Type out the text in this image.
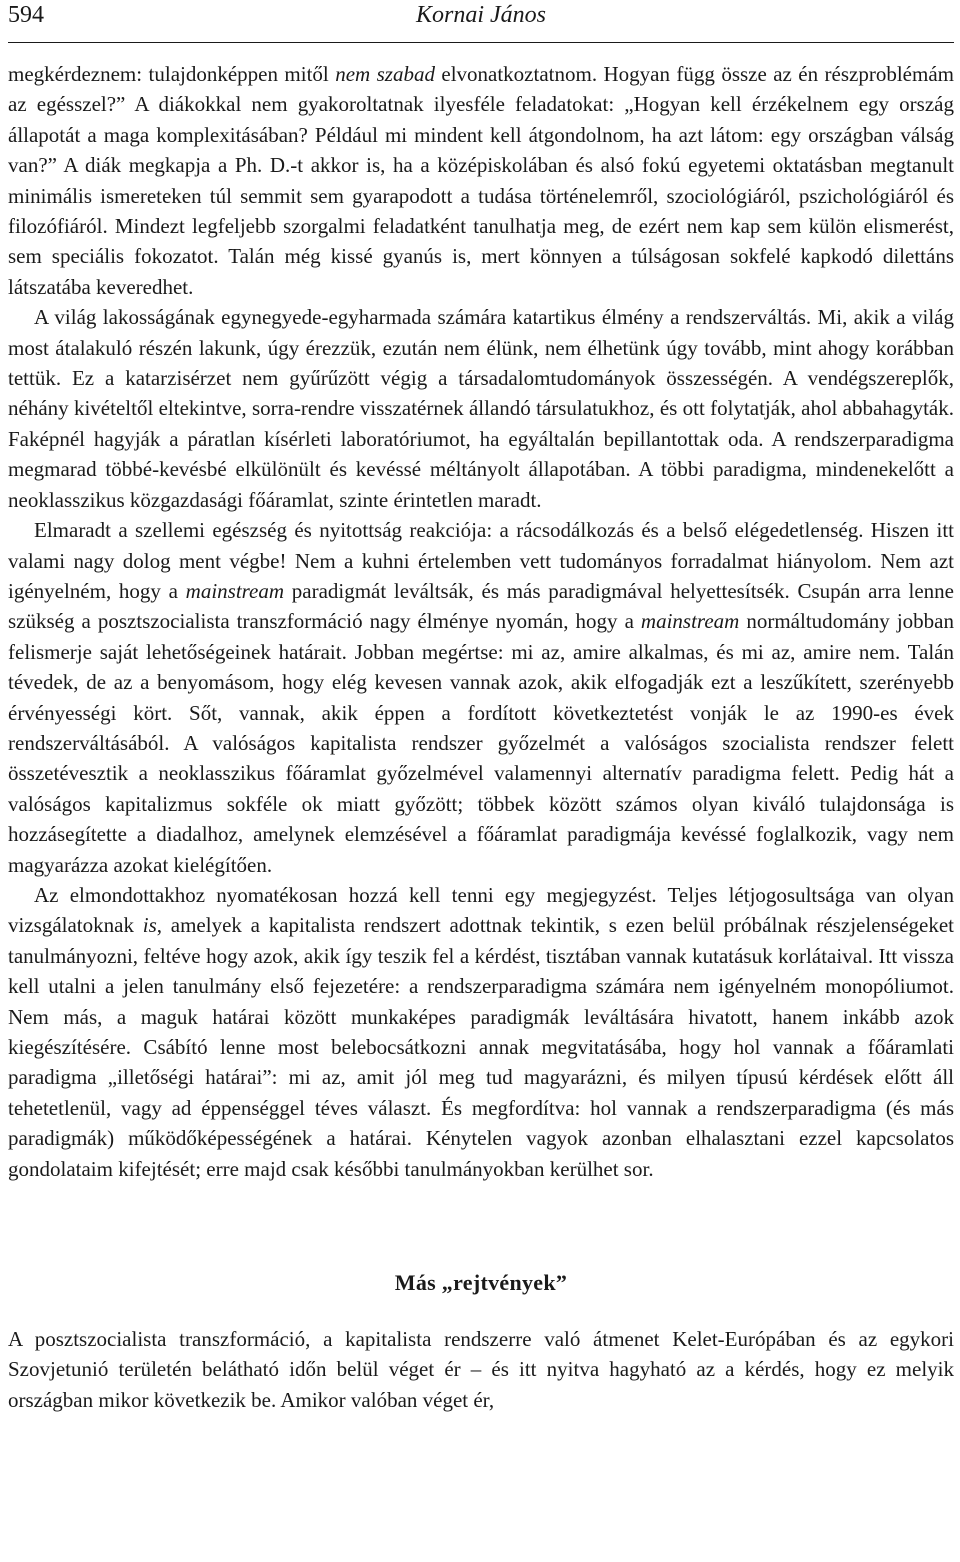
594	Kornai János

megkérdeznem: tulajdonképpen mitől nem szabad elvonatkoztatnom. Hogyan függ össze az én részproblémám az egésszel?” A diákokkal nem gyakoroltatnak ilyesféle feladatokat: „Hogyan kell érzékelnem egy ország állapotát a maga komplexitásában? Például mi mindent kell átgondolnom, ha azt látom: egy országban válság van?” A diák megkapja a Ph. D.-t akkor is, ha a középiskolában és alsó fokú egyetemi oktatásban megtanult minimális ismereteken túl semmit sem gyarapodott a tudása történelemről, szociológiáról, pszichológiáról és filozófiáról. Mindezt legfeljebb szorgalmi feladatként tanulhatja meg, de ezért nem kap sem külön elismerést, sem speciális fokozatot. Talán még kissé gyanús is, mert könnyen a túlságosan sokfelé kapkodó dilettáns látszatába keveredhet.

A világ lakosságának egynegyede-egyharmada számára katartikus élmény a rendszerváltás. Mi, akik a világ most átalakuló részén lakunk, úgy érezzük, ezután nem élünk, nem élhetünk úgy tovább, mint ahogy korábban tettük. Ez a katarzisérzet nem gyűrűzött végig a társadalomtudományok összességén. A vendégszereplők, néhány kivételtől eltekintve, sorra-rendre visszatérnek állandó társulatukhoz, és ott folytatják, ahol abbahagyták. Faképnél hagyják a páratlan kísérleti laboratóriumot, ha egyáltalán bepillantottak oda. A rendszerparadigma megmarad többé-kevésbé elkülönült és kevéssé méltányolt állapotában. A többi paradigma, mindenekelőtt a neoklasszikus közgazdasági főáramlat, szinte érintetlen maradt.

Elmaradt a szellemi egészség és nyitottság reakciója: a rácsodálkozás és a belső elégedetlenség. Hiszen itt valami nagy dolog ment végbe! Nem a kuhni értelemben vett tudományos forradalmat hiányolom. Nem azt igényelném, hogy a mainstream paradigmát leváltsák, és más paradigmával helyettesítsék. Csupán arra lenne szükség a posztszocialista transzformáció nagy élménye nyomán, hogy a mainstream normáltudomány jobban felismerje saját lehetőségeinek határait. Jobban megértse: mi az, amire alkalmas, és mi az, amire nem. Talán tévedek, de az a benyomásom, hogy elég kevesen vannak azok, akik elfogadják ezt a leszűkített, szerényebb érvényességi kört. Sőt, vannak, akik éppen a fordított következtetést vonják le az 1990-es évek rendszerváltásából. A valóságos kapitalista rendszer győzelmét a valóságos szocialista rendszer felett összetévesztik a neoklasszikus főáramlat győzelmével valamennyi alternatív paradigma felett. Pedig hát a valóságos kapitalizmus sokféle ok miatt győzött; többek között számos olyan kiváló tulajdonsága is hozzásegítette a diadalhoz, amelynek elemzésével a főáramlat paradigmája kevéssé foglalkozik, vagy nem magyarázza azokat kielégítően.

Az elmondottakhoz nyomatékosan hozzá kell tenni egy megjegyzést. Teljes létjogosultsága van olyan vizsgálatoknak is, amelyek a kapitalista rendszert adottnak tekintik, s ezen belül próbálnak részjelenségeket tanulmányozni, feltéve hogy azok, akik így teszik fel a kérdést, tisztában vannak kutatásuk korlátaival. Itt vissza kell utalni a jelen tanulmány első fejezetére: a rendszerparadigma számára nem igényelném monopóliumot. Nem más, a maguk határai között munkaképes paradigmák leváltására hivatott, hanem inkább azok kiegészítésére. Csábító lenne most belebocsátkozni annak megvitatásába, hogy hol vannak a főáramlati paradigma „illetőségi határai”: mi az, amit jól meg tud magyarázni, és milyen típusú kérdések előtt áll tehetetlenül, vagy ad éppenséggel téves választ. És megfordítva: hol vannak a rendszerparadigma (és más paradigmák) működőképességének a határai. Kénytelen vagyok azonban elhalasztani ezzel kapcsolatos gondolataim kifejtését; erre majd csak későbbi tanulmányokban kerülhet sor.

Más „rejtvények”

A posztszocialista transzformáció, a kapitalista rendszerre való átmenet Kelet-Európában és az egykori Szovjetunió területén belátható időn belül véget ér – és itt nyitva hagyható az a kérdés, hogy ez melyik országban mikor következik be. Amikor valóban véget ér,
